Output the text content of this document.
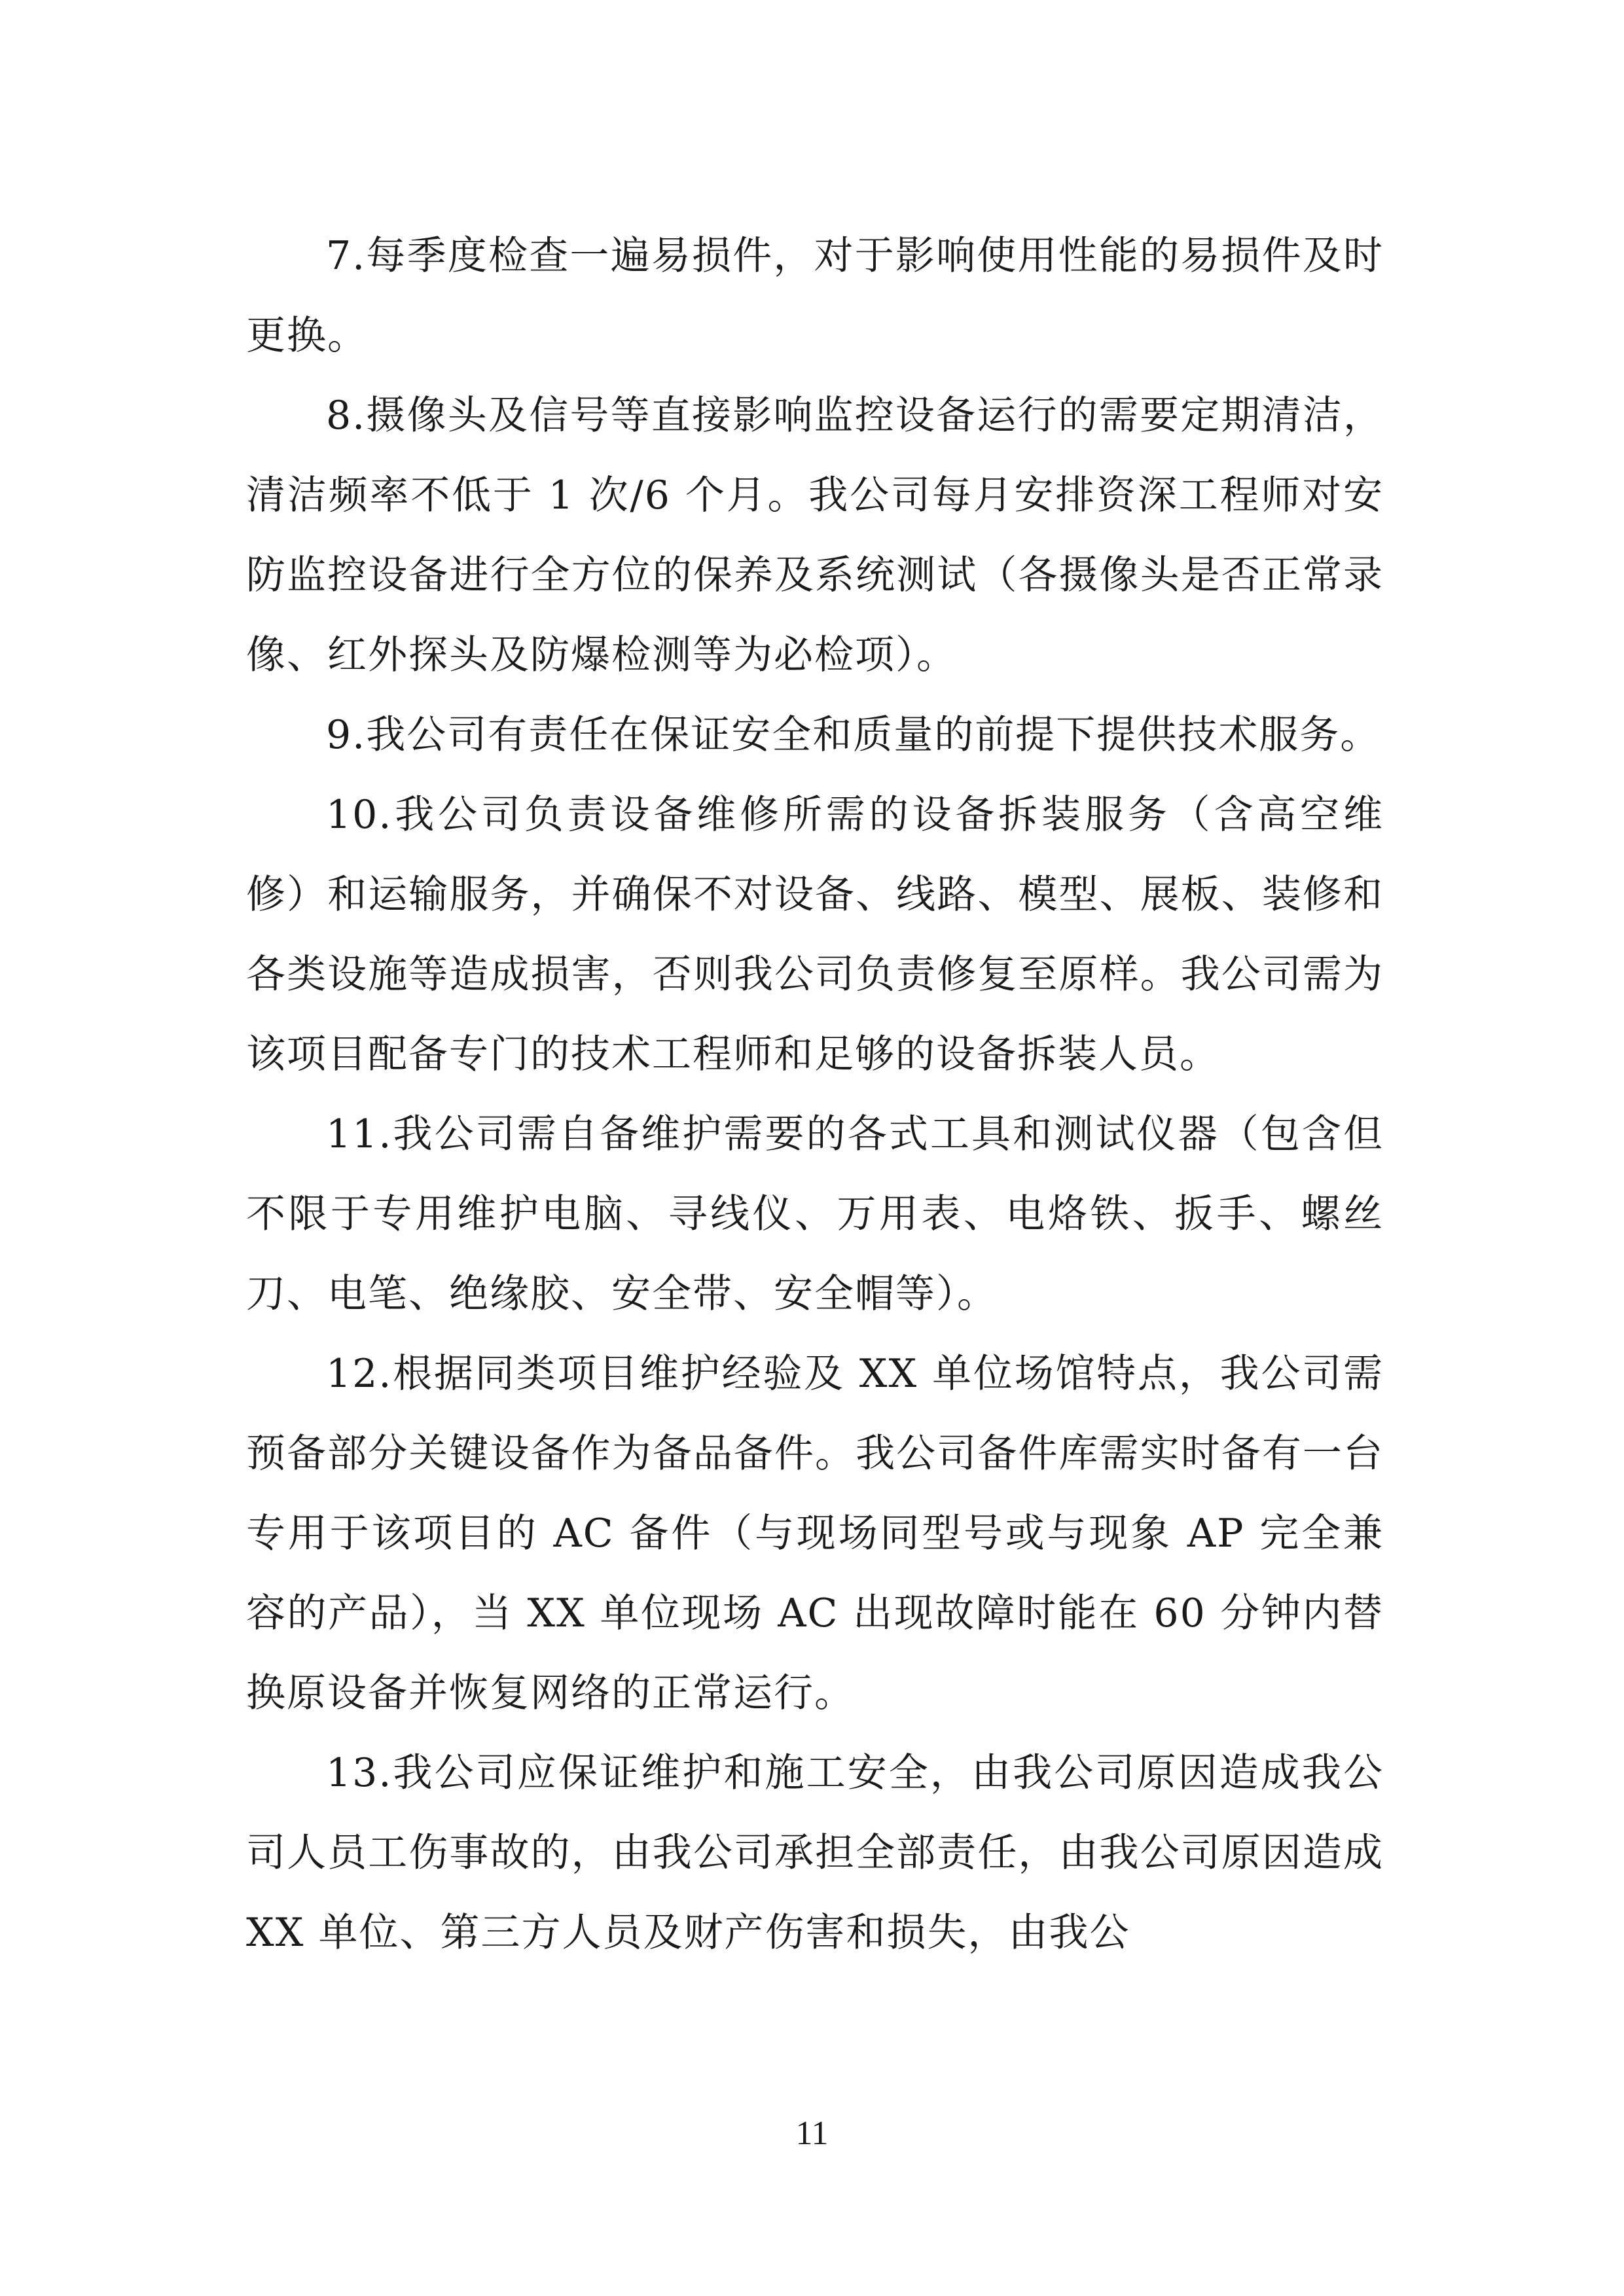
7.每季度检查一遍易损件，对于影响使用性能的易损件及时更换。

8.摄像头及信号等直接影响监控设备运行的需要定期清洁，清洁频率不低于 1 次/6 个月。我公司每月安排资深工程师对安防监控设备进行全方位的保养及系统测试（各摄像头是否正常录像、红外探头及防爆检测等为必检项）。

9.我公司有责任在保证安全和质量的前提下提供技术服务。

10.我公司负责设备维修所需的设备拆装服务（含高空维修）和运输服务，并确保不对设备、线路、模型、展板、装修和各类设施等造成损害，否则我公司负责修复至原样。我公司需为该项目配备专门的技术工程师和足够的设备拆装人员。

11.我公司需自备维护需要的各式工具和测试仪器（包含但不限于专用维护电脑、寻线仪、万用表、电烙铁、扳手、螺丝刀、电笔、绝缘胶、安全带、安全帽等）。

12.根据同类项目维护经验及 XX 单位场馆特点，我公司需预备部分关键设备作为备品备件。我公司备件库需实时备有一台专用于该项目的 AC 备件（与现场同型号或与现象 AP 完全兼容的产品），当 XX 单位现场 AC 出现故障时能在 60 分钟内替换原设备并恢复网络的正常运行。

13.我公司应保证维护和施工安全，由我公司原因造成我公司人员工伤事故的，由我公司承担全部责任，由我公司原因造成 XX 单位、第三方人员及财产伤害和损失，由我公

11
